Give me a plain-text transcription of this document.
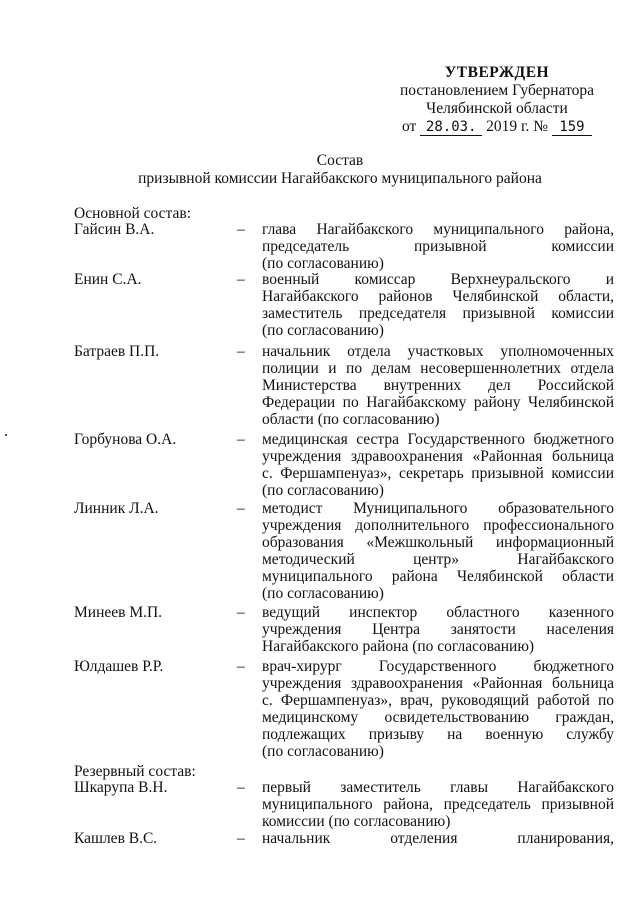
УТВЕРЖДЕН
постановлением Губернатора
Челябинской области
от 28.03. 2019 г. № 159
Состав
призывной комиссии Нагайбакского муниципального района
Основной состав:
Гайсин В.А.	– глава Нагайбакского муниципального района,
председатель призывной комиссии
(по согласованию)
Енин С.А.	– военный комиссар Верхнеуральского и
Нагайбакского районов Челябинской области,
заместитель председателя призывной комиссии
(по согласованию)
Батраев П.П.	– начальник отдела участковых уполномоченных
полиции и по делам несовершеннолетних отдела
Министерства внутренних дел Российской
Федерации по Нагайбакскому району Челябинской
области (по согласованию)
Горбунова О.А.	– медицинская сестра Государственного бюджетного
учреждения здравоохранения «Районная больница
с. Фершампенуаз», секретарь призывной комиссии
(по согласованию)
Линник Л.А.	– методист Муниципального образовательного
учреждения дополнительного профессионального
образования «Межшкольный информационный
методический центр» Нагайбакского
муниципального района Челябинской области
(по согласованию)
Минеев М.П.	– ведущий инспектор областного казенного
учреждения Центра занятости населения
Нагайбакского района (по согласованию)
Юлдашев Р.Р.	– врач-хирург Государственного бюджетного
учреждения здравоохранения «Районная больница
с. Фершампенуаз», врач, руководящий работой по
медицинскому освидетельствованию граждан,
подлежащих призыву на военную службу
(по согласованию)
Резервный состав:
Шкарупа В.Н.	– первый заместитель главы Нагайбакского
муниципального района, председатель призывной
комиссии (по согласованию)
Кашлев В.С.	– начальник отделения планирования,
